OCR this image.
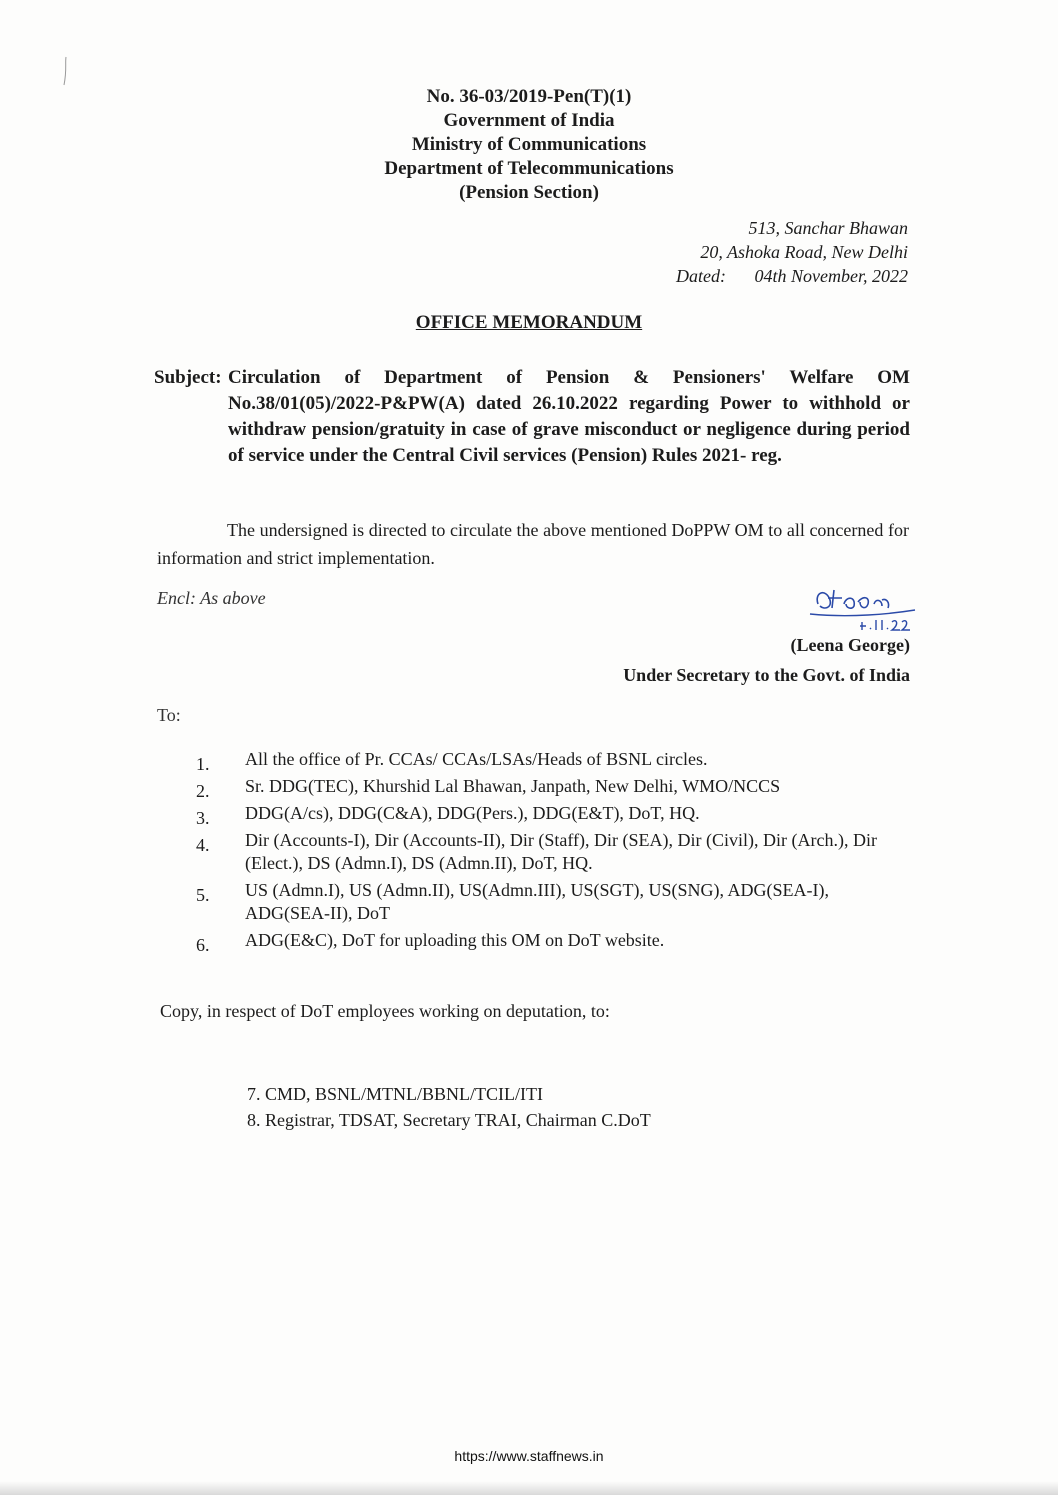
No. 36-03/2019-Pen(T)(1)
Government of India
Ministry of Communications
Department of Telecommunications
(Pension Section)
513, Sanchar Bhawan
20, Ashoka Road, New Delhi
Dated: 04th November, 2022
OFFICE MEMORANDUM
Subject: Circulation of Department of Pension & Pensioners' Welfare OM No.38/01(05)/2022-P&PW(A) dated 26.10.2022 regarding Power to withhold or withdraw pension/gratuity in case of grave misconduct or negligence during period of service under the Central Civil services (Pension) Rules 2021- reg.
The undersigned is directed to circulate the above mentioned DoPPW OM to all concerned for information and strict implementation.
Encl: As above
(Leena George)
Under Secretary to the Govt. of India
To:
1. All the office of Pr. CCAs/ CCAs/LSAs/Heads of BSNL circles.
2. Sr. DDG(TEC), Khurshid Lal Bhawan, Janpath, New Delhi, WMO/NCCS
3. DDG(A/cs), DDG(C&A), DDG(Pers.), DDG(E&T), DoT, HQ.
4. Dir (Accounts-I), Dir (Accounts-II), Dir (Staff), Dir (SEA), Dir (Civil), Dir (Arch.), Dir (Elect.), DS (Admn.I), DS (Admn.II), DoT, HQ.
5. US (Admn.I), US (Admn.II), US(Admn.III), US(SGT), US(SNG), ADG(SEA-I), ADG(SEA-II), DoT
6. ADG(E&C), DoT for uploading this OM on DoT website.
Copy, in respect of DoT employees working on deputation, to:
7. CMD, BSNL/MTNL/BBNL/TCIL/ITI
8. Registrar, TDSAT, Secretary TRAI, Chairman C.DoT
https://www.staffnews.in
